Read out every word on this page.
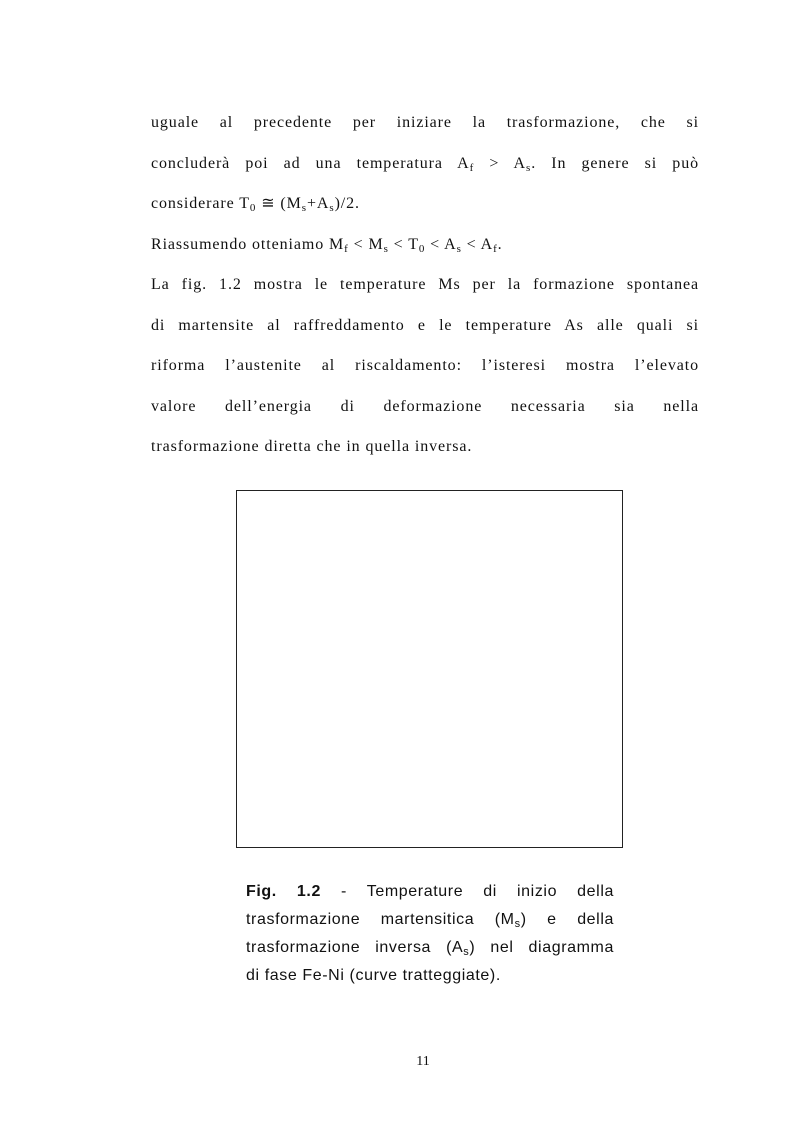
uguale al precedente per iniziare la trasformazione, che si
concluderà poi ad una temperatura $A_f > A_s$. In genere si può
considerare $T_0$ ≅ $(M_s+A_s)/2$.
Riassumendo otteniamo $M_f < M_s < T_0 < A_s < A_f$.
La fig. 1.2 mostra le temperature Ms per la formazione spontanea
di martensite al raffreddamento e le temperature As alle quali si
riforma l’austenite al riscaldamento: l’isteresi mostra l’elevato
valore dell’energia di deformazione necessaria sia nella
trasformazione diretta che in quella inversa.
Fig. 1.2 - Temperature di inizio della
trasformazione martensitica $(M_s)$ e della
trasformazione inversa $(A_s)$ nel diagramma
di fase Fe-Ni (curve tratteggiate).
11
